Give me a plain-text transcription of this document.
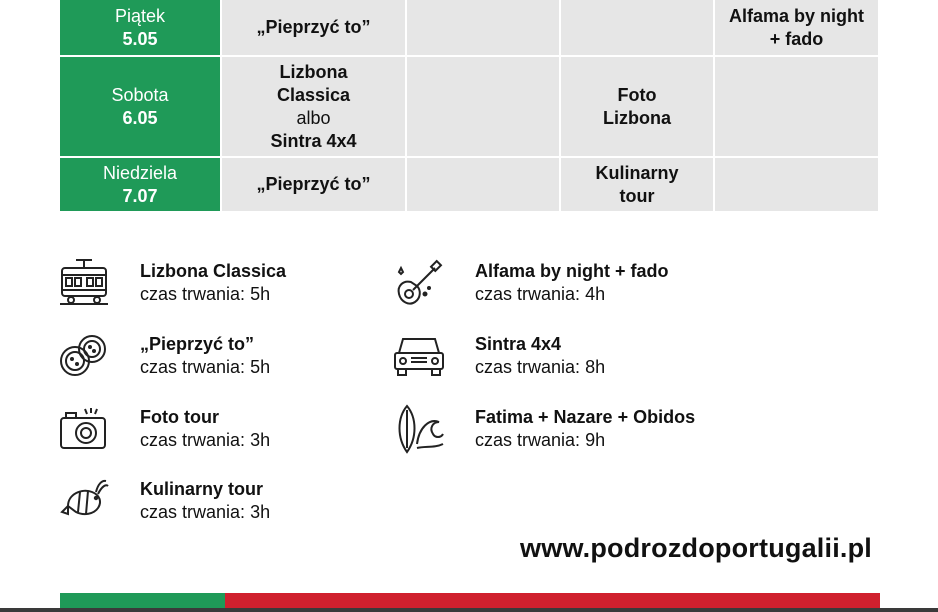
Piątek
5.05	„Pieprzyć to”			Alfama by night
+ fado

Sobota
6.05	Lizbona
Classica
albo
Sintra 4x4		Foto
Lizbona	

Niedziela
7.07	„Pieprzyć to”		Kulinarny
tour	

Lizbona Classica
czas trwania: 5h
„Pieprzyć to”
czas trwania: 5h
Foto tour
czas trwania: 3h
Kulinarny tour
czas trwania: 3h
Alfama by night + fado
czas trwania: 4h
Sintra 4x4
czas trwania: 8h
Fatima + Nazare + Obidos
czas trwania: 9h
www.podrozdoportugalii.pl
